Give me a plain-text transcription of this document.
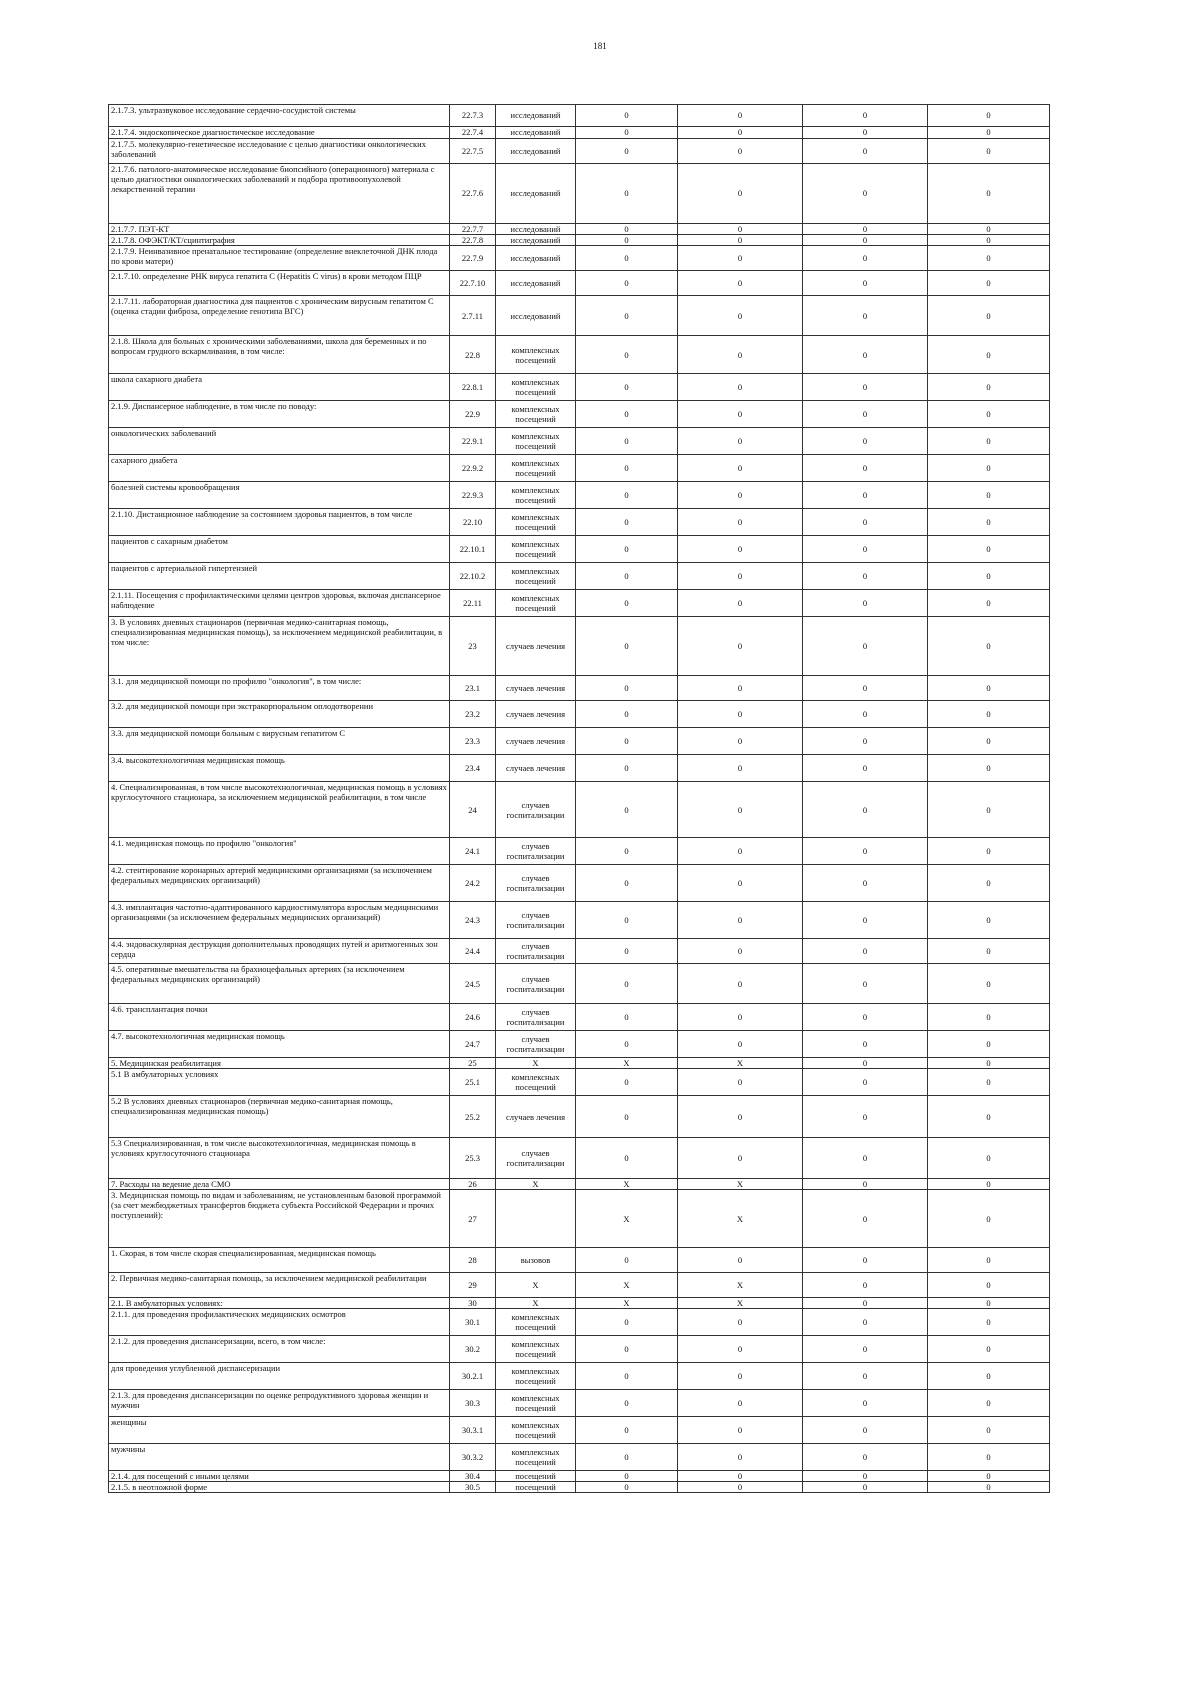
181
2.1.7.3. ультразвуковое исследование сердечно-сосудистой системы	22.7.3	исследований	0	0	0	0
2.1.7.4. эндоскопическое диагностическое исследование	22.7.4	исследований	0	0	0	0
2.1.7.5. молекулярно-генетическое исследование с целью диагностики онкологических заболеваний	22.7.5	исследований	0	0	0	0
2.1.7.6. патолого-анатомическое исследование биопсийного (операционного) материала с целью диагностики онкологических заболеваний и подбора противоопухолевой лекарственной терапии	22.7.6	исследований	0	0	0	0
2.1.7.7. ПЭТ-КТ	22.7.7	исследований	0	0	0	0
2.1.7.8. ОФЭКТ/КТ/сцинтиграфия	22.7.8	исследований	0	0	0	0
2.1.7.9. Неинвазивное пренатальное тестирование (определение внеклеточной ДНК плода по крови матери)	22.7.9	исследований	0	0	0	0
2.1.7.10. определение РНК вируса гепатита С (Hepatitis C virus) в крови методом ПЦР	22.7.10	исследований	0	0	0	0
2.1.7.11. лабораторная диагностика для пациентов с хроническим вирусным гепатитом С (оценка стадии фиброза, определение генотипа ВГС)	2.7.11	исследований	0	0	0	0
2.1.8. Школа для больных с хроническими заболеваниями, школа для беременных и по вопросам грудного вскармливания, в том числе:	22.8	комплексных посещений	0	0	0	0
школа сахарного диабета	22.8.1	комплексных посещений	0	0	0	0
2.1.9. Диспансерное наблюдение, в том числе по поводу:	22.9	комплексных посещений	0	0	0	0
онкологических заболеваний	22.9.1	комплексных посещений	0	0	0	0
сахарного диабета	22.9.2	комплексных посещений	0	0	0	0
болезней системы кровообращения	22.9.3	комплексных посещений	0	0	0	0
2.1.10. Дистанционное наблюдение за состоянием здоровья пациентов, в том числе	22.10	комплексных посещений	0	0	0	0
пациентов с сахарным диабетом	22.10.1	комплексных посещений	0	0	0	0
пациентов с артериальной гипертензией	22.10.2	комплексных посещений	0	0	0	0
2.1.11. Посещения с профилактическими целями центров здоровья, включая диспансерное наблюдение	22.11	комплексных посещений	0	0	0	0
3. В условиях дневных стационаров (первичная медико-санитарная помощь, специализированная медицинская помощь), за исключением медицинской реабилитации, в том числе:	23	случаев лечения	0	0	0	0
3.1. для медицинской помощи по профилю "онкология", в том числе:	23.1	случаев лечения	0	0	0	0
3.2. для медицинской помощи при экстракорпоральном оплодотворении	23.2	случаев лечения	0	0	0	0
3.3. для медицинской помощи больным с вирусным гепатитом С	23.3	случаев лечения	0	0	0	0
3.4. высокотехнологичная медицинская помощь	23.4	случаев лечения	0	0	0	0
4. Специализированная, в том числе высокотехнологичная, медицинская помощь в условиях круглосуточного стационара, за исключением медицинской реабилитации, в том числе	24	случаев госпитализации	0	0	0	0
4.1. медицинская помощь по профилю "онкология"	24.1	случаев госпитализации	0	0	0	0
4.2. стентирование коронарных артерий медицинскими организациями (за исключением федеральных медицинских организаций)	24.2	случаев госпитализации	0	0	0	0
4.3. имплантация частотно-адаптированного кардиостимулятора взрослым медицинскими организациями (за исключением федеральных медицинских организаций)	24.3	случаев госпитализации	0	0	0	0
4.4. эндоваскулярная деструкция дополнительных проводящих путей и аритмогенных зон сердца	24.4	случаев госпитализации	0	0	0	0
4.5. оперативные вмешательства на брахиоцефальных артериях (за исключением федеральных медицинских организаций)	24.5	случаев госпитализации	0	0	0	0
4.6. трансплантация почки	24.6	случаев госпитализации	0	0	0	0
4.7. высокотехнологичная медицинская помощь	24.7	случаев госпитализации	0	0	0	0
5. Медицинская реабилитация	25	X	X	X	0	0
5.1 В амбулаторных условиях	25.1	комплексных посещений	0	0	0	0
5.2 В условиях дневных стационаров (первичная медико-санитарная помощь, специализированная медицинская помощь)	25.2	случаев лечения	0	0	0	0
5.3 Специализированная, в том числе высокотехнологичная, медицинская помощь в условиях круглосуточного стационара	25.3	случаев госпитализации	0	0	0	0
7. Расходы на ведение дела СМО	26	X	X	X	0	0
3. Медицинская помощь по видам и заболеваниям, не установленным базовой программой (за счет межбюджетных трансфертов бюджета субъекта Российской Федерации и прочих поступлений):	27		X	X	0	0
1. Скорая, в том числе скорая специализированная, медицинская помощь	28	вызовов	0	0	0	0
2. Первичная медико-санитарная помощь, за исключением медицинской реабилитации	29	X	X	X	0	0
2.1. В амбулаторных условиях:	30	X	X	X	0	0
2.1.1. для проведения профилактических медицинских осмотров	30.1	комплексных посещений	0	0	0	0
2.1.2. для проведения диспансеризации, всего, в том числе:	30.2	комплексных посещений	0	0	0	0
для проведения углубленной диспансеризации	30.2.1	комплексных посещений	0	0	0	0
2.1.3. для проведения диспансеризации по оценке репродуктивного здоровья женщин и мужчин	30.3	комплексных посещений	0	0	0	0
женщины	30.3.1	комплексных посещений	0	0	0	0
мужчины	30.3.2	комплексных посещений	0	0	0	0
2.1.4. для посещений с иными целями	30.4	посещений	0	0	0	0
2.1.5. в неотложной форме	30.5	посещений	0	0	0	0
